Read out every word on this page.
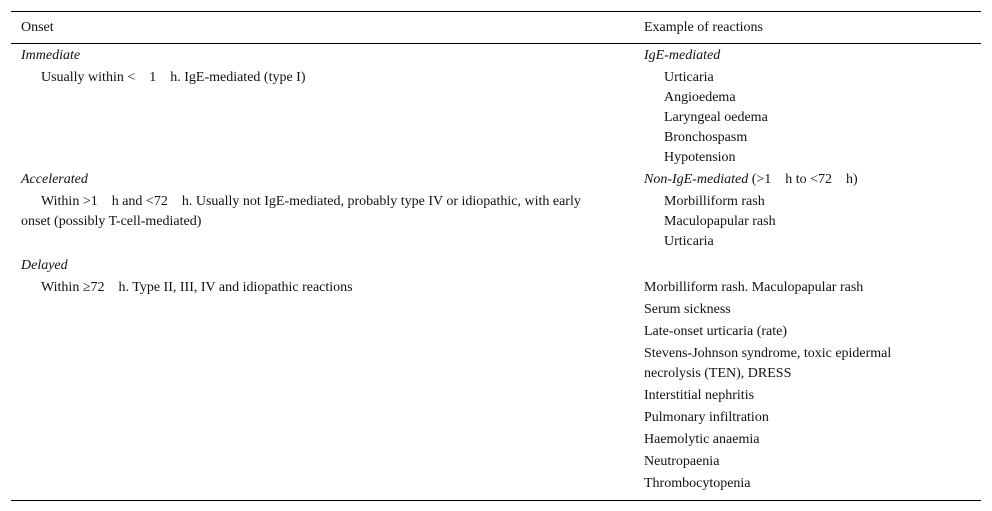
Onset	Example of reactions
Immediate
Usually within < 1 h. IgE-mediated (type I)
IgE-mediated
Urticaria
Angioedema
Laryngeal oedema
Bronchospasm
Hypotension
Accelerated
Within >1 h and <72 h. Usually not IgE-mediated, probably type IV or idiopathic, with early onset (possibly T-cell-mediated)
Non-IgE-mediated (>1 h to <72 h)
Morbilliform rash
Maculopapular rash
Urticaria
Delayed
Within ≥72 h. Type II, III, IV and idiopathic reactions	Morbilliform rash. Maculopapular rash
Serum sickness
Late-onset urticaria (rate)
Stevens-Johnson syndrome, toxic epidermal necrolysis (TEN), DRESS
Interstitial nephritis
Pulmonary infiltration
Haemolytic anaemia
Neutropaenia
Thrombocytopenia
